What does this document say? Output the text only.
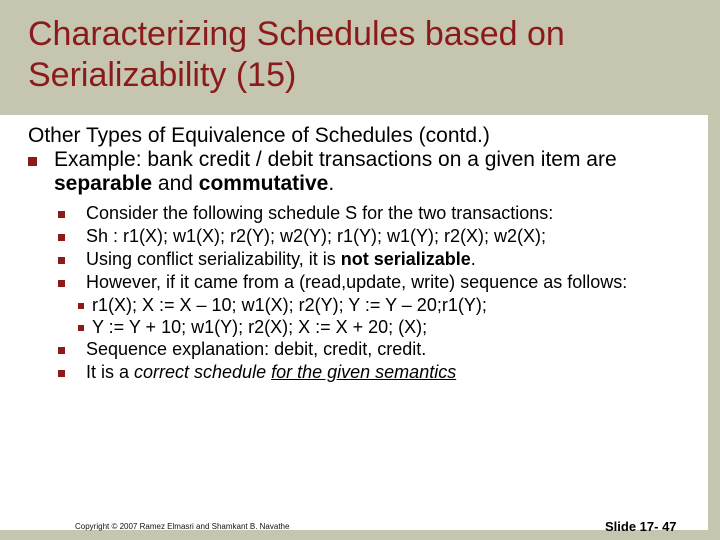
Characterizing Schedules based on Serializability (15)
Other Types of Equivalence of Schedules (contd.)
Example: bank credit / debit transactions on a given item are separable and commutative.
Consider the following schedule S for the two transactions:
Sh : r1(X); w1(X); r2(Y); w2(Y); r1(Y); w1(Y); r2(X); w2(X);
Using conflict serializability, it is not serializable.
However, if it came from a (read,update, write) sequence as follows:
r1(X); X := X – 10; w1(X); r2(Y); Y := Y – 20;r1(Y);
Y := Y + 10; w1(Y); r2(X); X := X + 20; (X);
Sequence explanation: debit, credit, credit.
It is a correct schedule for the given semantics
Copyright © 2007 Ramez Elmasri and Shamkant B. Navathe	Slide 17- 47
